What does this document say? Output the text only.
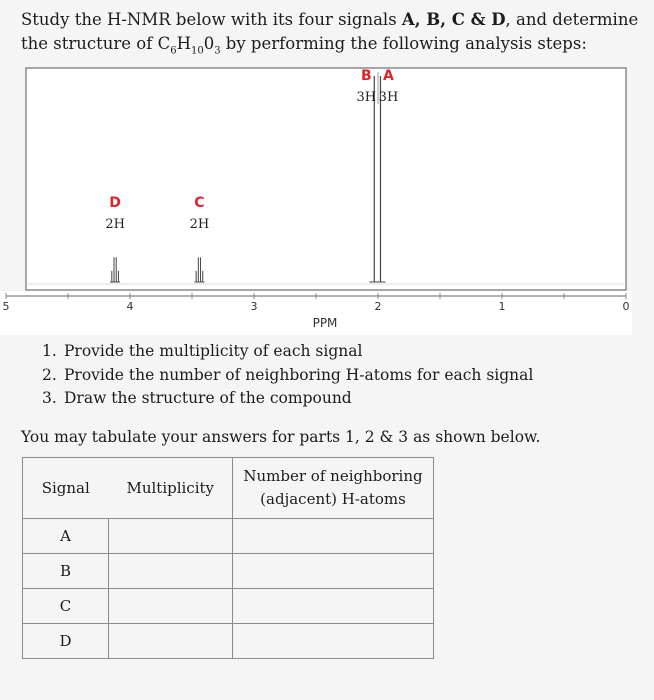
Study the H-NMR below with its four signals A, B, C & D, and determine the structure of $C_6H_{10}0_3$ by performing the following analysis steps:
5	4	3	2	1	0
PPM
D
2H
C
2H
B
3H
A
3H
1. Provide the multiplicity of each signal
2. Provide the number of neighboring H-atoms for each signal
3. Draw the structure of the compound
You may tabulate your answers for parts 1, 2 & 3 as shown below.
Signal	Multiplicity	Number of neighboring
(adjacent) H-atoms
A		
B		
C		
D		
